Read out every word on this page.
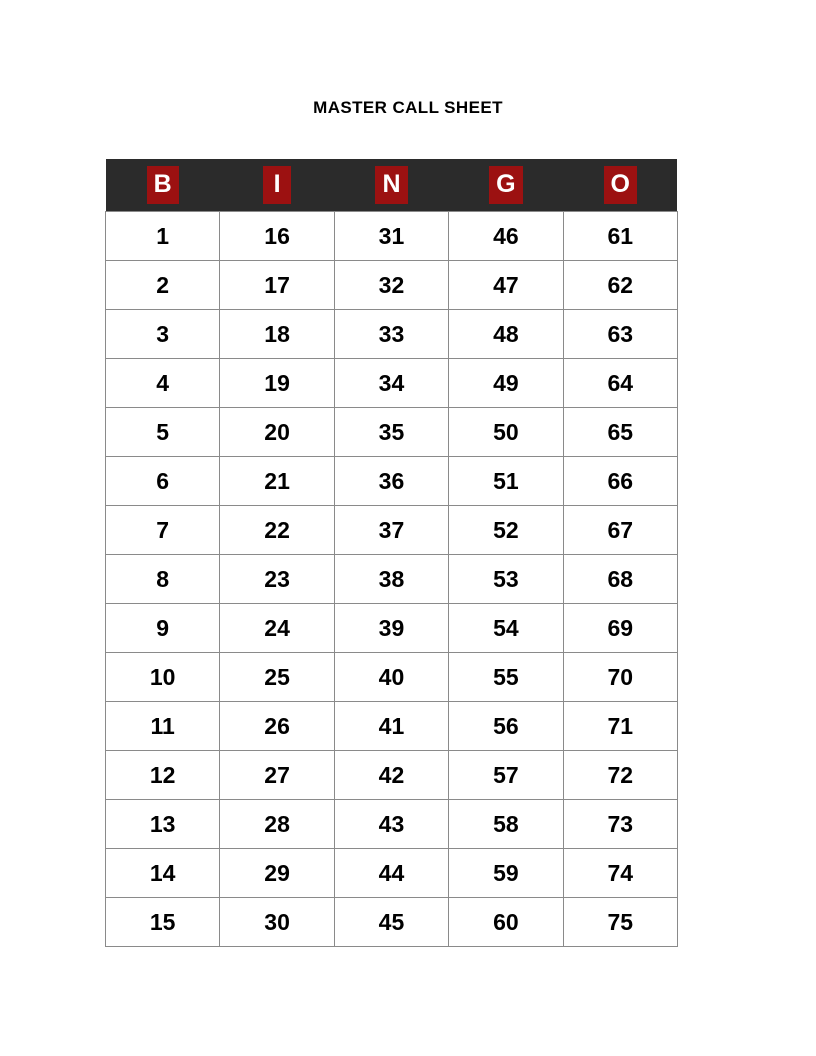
MASTER CALL SHEET
B	I	N	G	O
1	16	31	46	61
2	17	32	47	62
3	18	33	48	63
4	19	34	49	64
5	20	35	50	65
6	21	36	51	66
7	22	37	52	67
8	23	38	53	68
9	24	39	54	69
10	25	40	55	70
11	26	41	56	71
12	27	42	57	72
13	28	43	58	73
14	29	44	59	74
15	30	45	60	75
